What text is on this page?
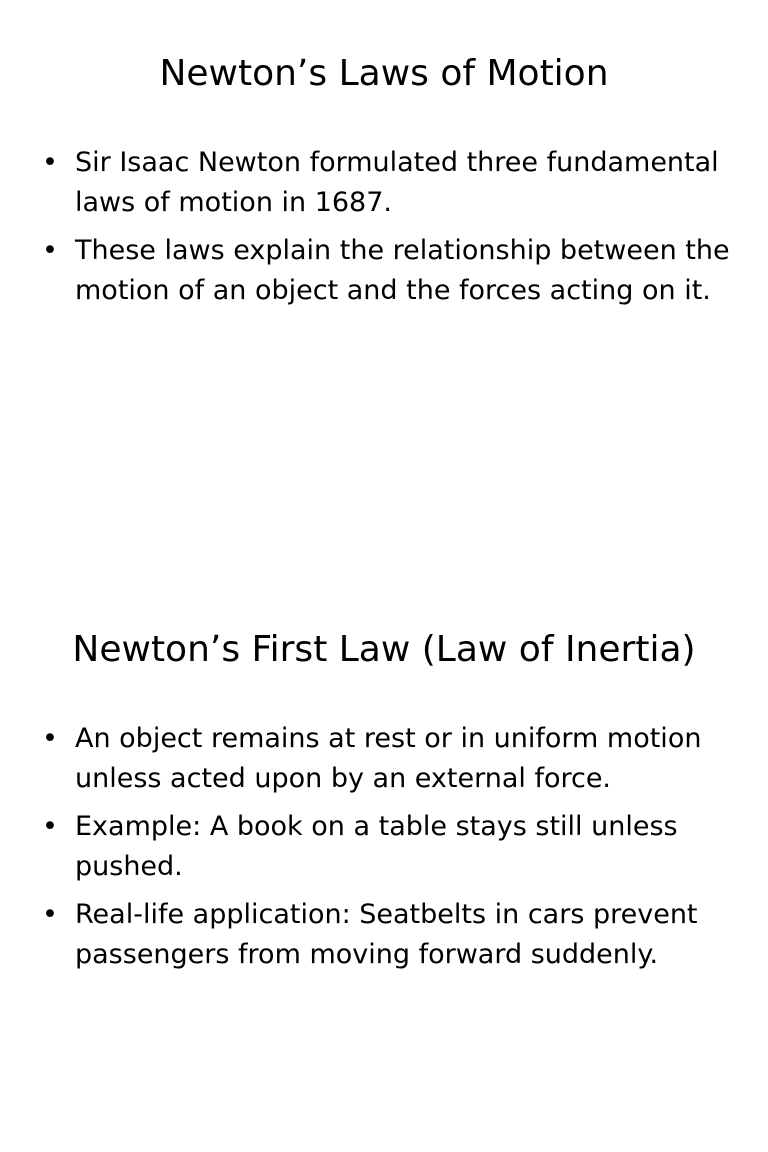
Newton’s Laws of Motion
• Sir Isaac Newton formulated three fundamental laws of motion in 1687.
• These laws explain the relationship between the motion of an object and the forces acting on it.
Newton’s First Law (Law of Inertia)
• An object remains at rest or in uniform motion unless acted upon by an external force.
• Example: A book on a table stays still unless pushed.
• Real-life application: Seatbelts in cars prevent passengers from moving forward suddenly.
